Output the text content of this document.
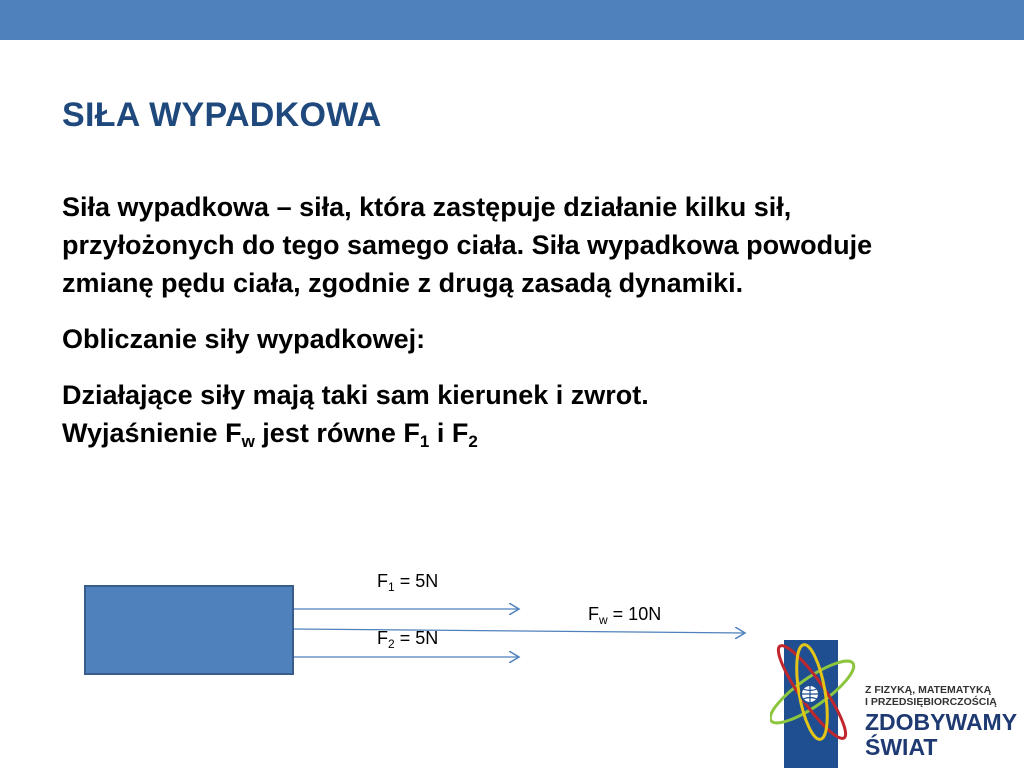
SIŁA WYPADKOWA

Siła wypadkowa – siła, która zastępuje działanie kilku sił, przyłożonych do tego samego ciała. Siła wypadkowa powoduje zmianę pędu ciała, zgodnie z drugą zasadą dynamiki.

Obliczanie siły wypadkowej:

Działające siły mają taki sam kierunek i zwrot.

Wyjaśnienie $F_w$ jest równe $F_1$ i $F_2$

$F_1 = 5N$
$F_2 = 5N$
$F_w = 10N$
Z FIZYKĄ, MATEMATYKĄ
I PRZEDSIĘBIORCZOŚCIĄ
ZDOBYWAMY
ŚWIAT
